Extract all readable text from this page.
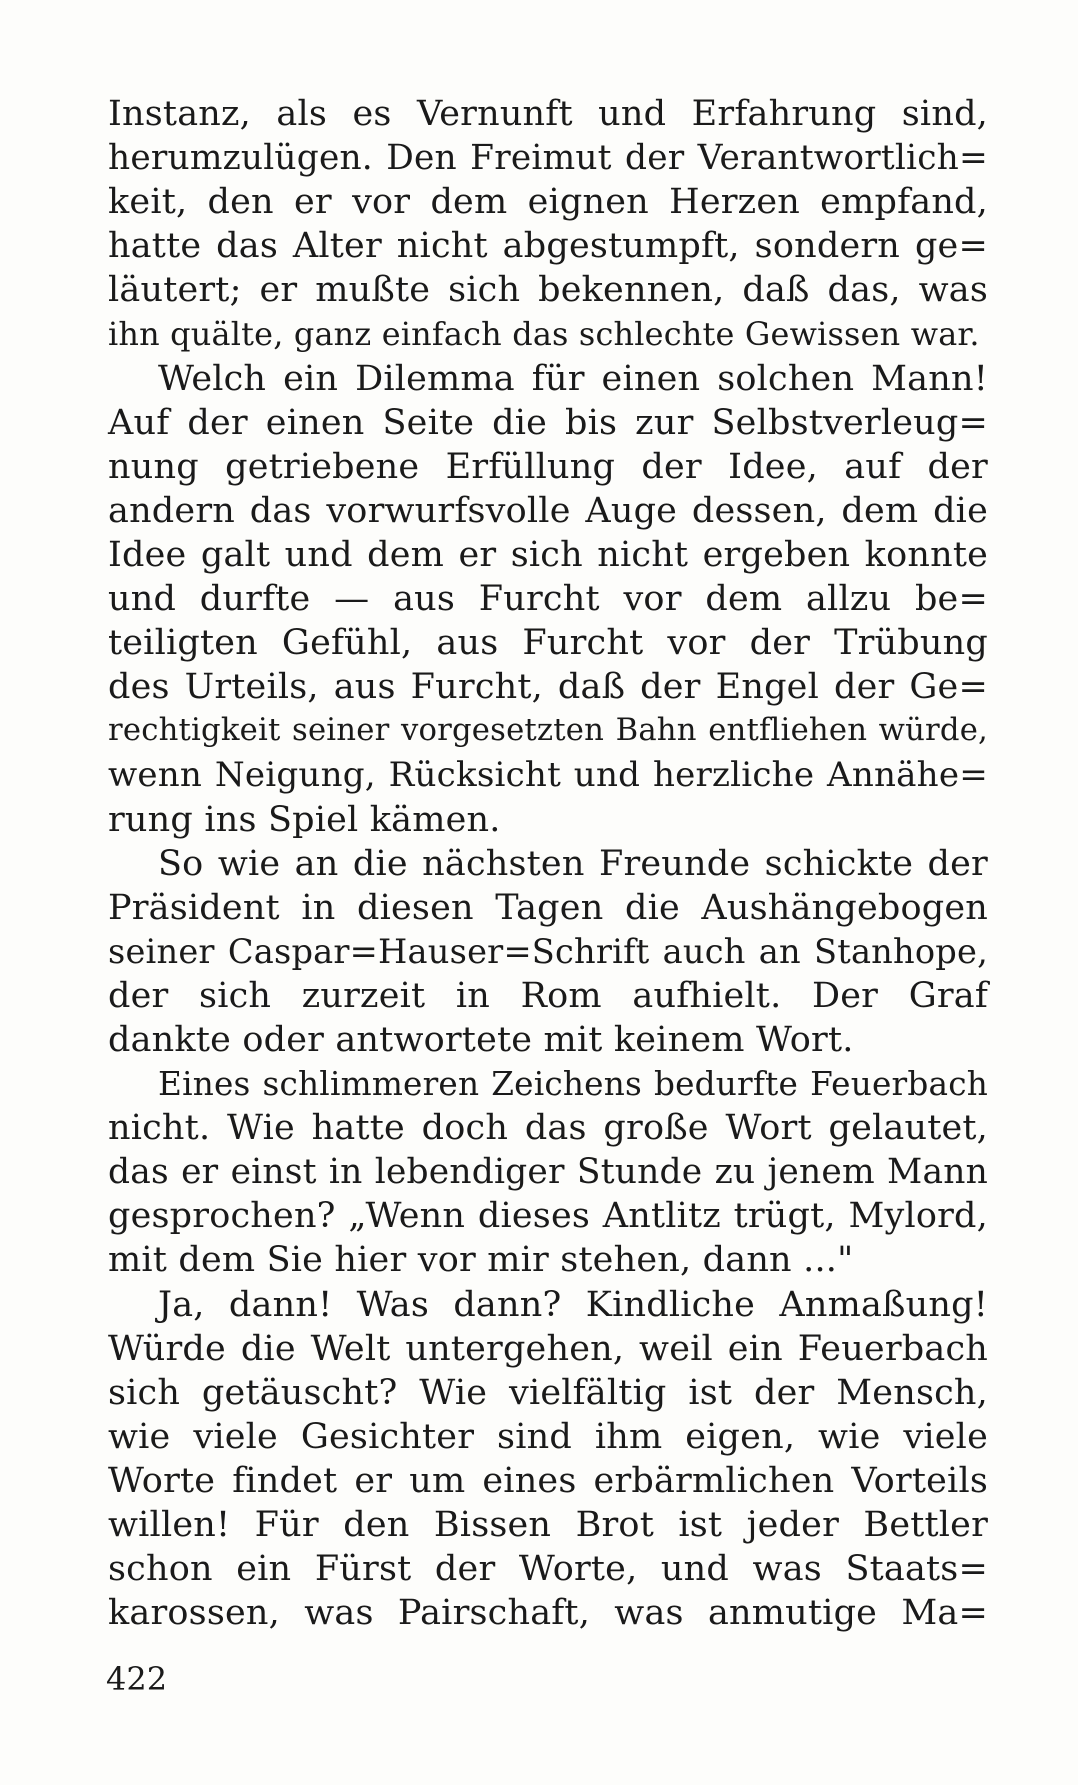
Instanz, als es Vernunft und Erfahrung sind,
herumzulügen. Den Freimut der Verantwortlich=
keit, den er vor dem eignen Herzen empfand,
hatte das Alter nicht abgestumpft, sondern ge=
läutert; er mußte sich bekennen, daß das, was
ihn quälte, ganz einfach das schlechte Gewissen war.
Welch ein Dilemma für einen solchen Mann!
Auf der einen Seite die bis zur Selbstverleug=
nung getriebene Erfüllung der Idee, auf der
andern das vorwurfsvolle Auge dessen, dem die
Idee galt und dem er sich nicht ergeben konnte
und durfte — aus Furcht vor dem allzu be=
teiligten Gefühl, aus Furcht vor der Trübung
des Urteils, aus Furcht, daß der Engel der Ge=
rechtigkeit seiner vorgesetzten Bahn entfliehen würde,
wenn Neigung, Rücksicht und herzliche Annähe=
rung ins Spiel kämen.
So wie an die nächsten Freunde schickte der
Präsident in diesen Tagen die Aushängebogen
seiner Caspar=Hauser=Schrift auch an Stanhope,
der sich zurzeit in Rom aufhielt. Der Graf
dankte oder antwortete mit keinem Wort.
Eines schlimmeren Zeichens bedurfte Feuerbach
nicht. Wie hatte doch das große Wort gelautet,
das er einst in lebendiger Stunde zu jenem Mann
gesprochen? „Wenn dieses Antlitz trügt, Mylord,
mit dem Sie hier vor mir stehen, dann ..."
Ja, dann! Was dann? Kindliche Anmaßung!
Würde die Welt untergehen, weil ein Feuerbach
sich getäuscht? Wie vielfältig ist der Mensch,
wie viele Gesichter sind ihm eigen, wie viele
Worte findet er um eines erbärmlichen Vorteils
willen! Für den Bissen Brot ist jeder Bettler
schon ein Fürst der Worte, und was Staats=
karossen, was Pairschaft, was anmutige Ma=
422
